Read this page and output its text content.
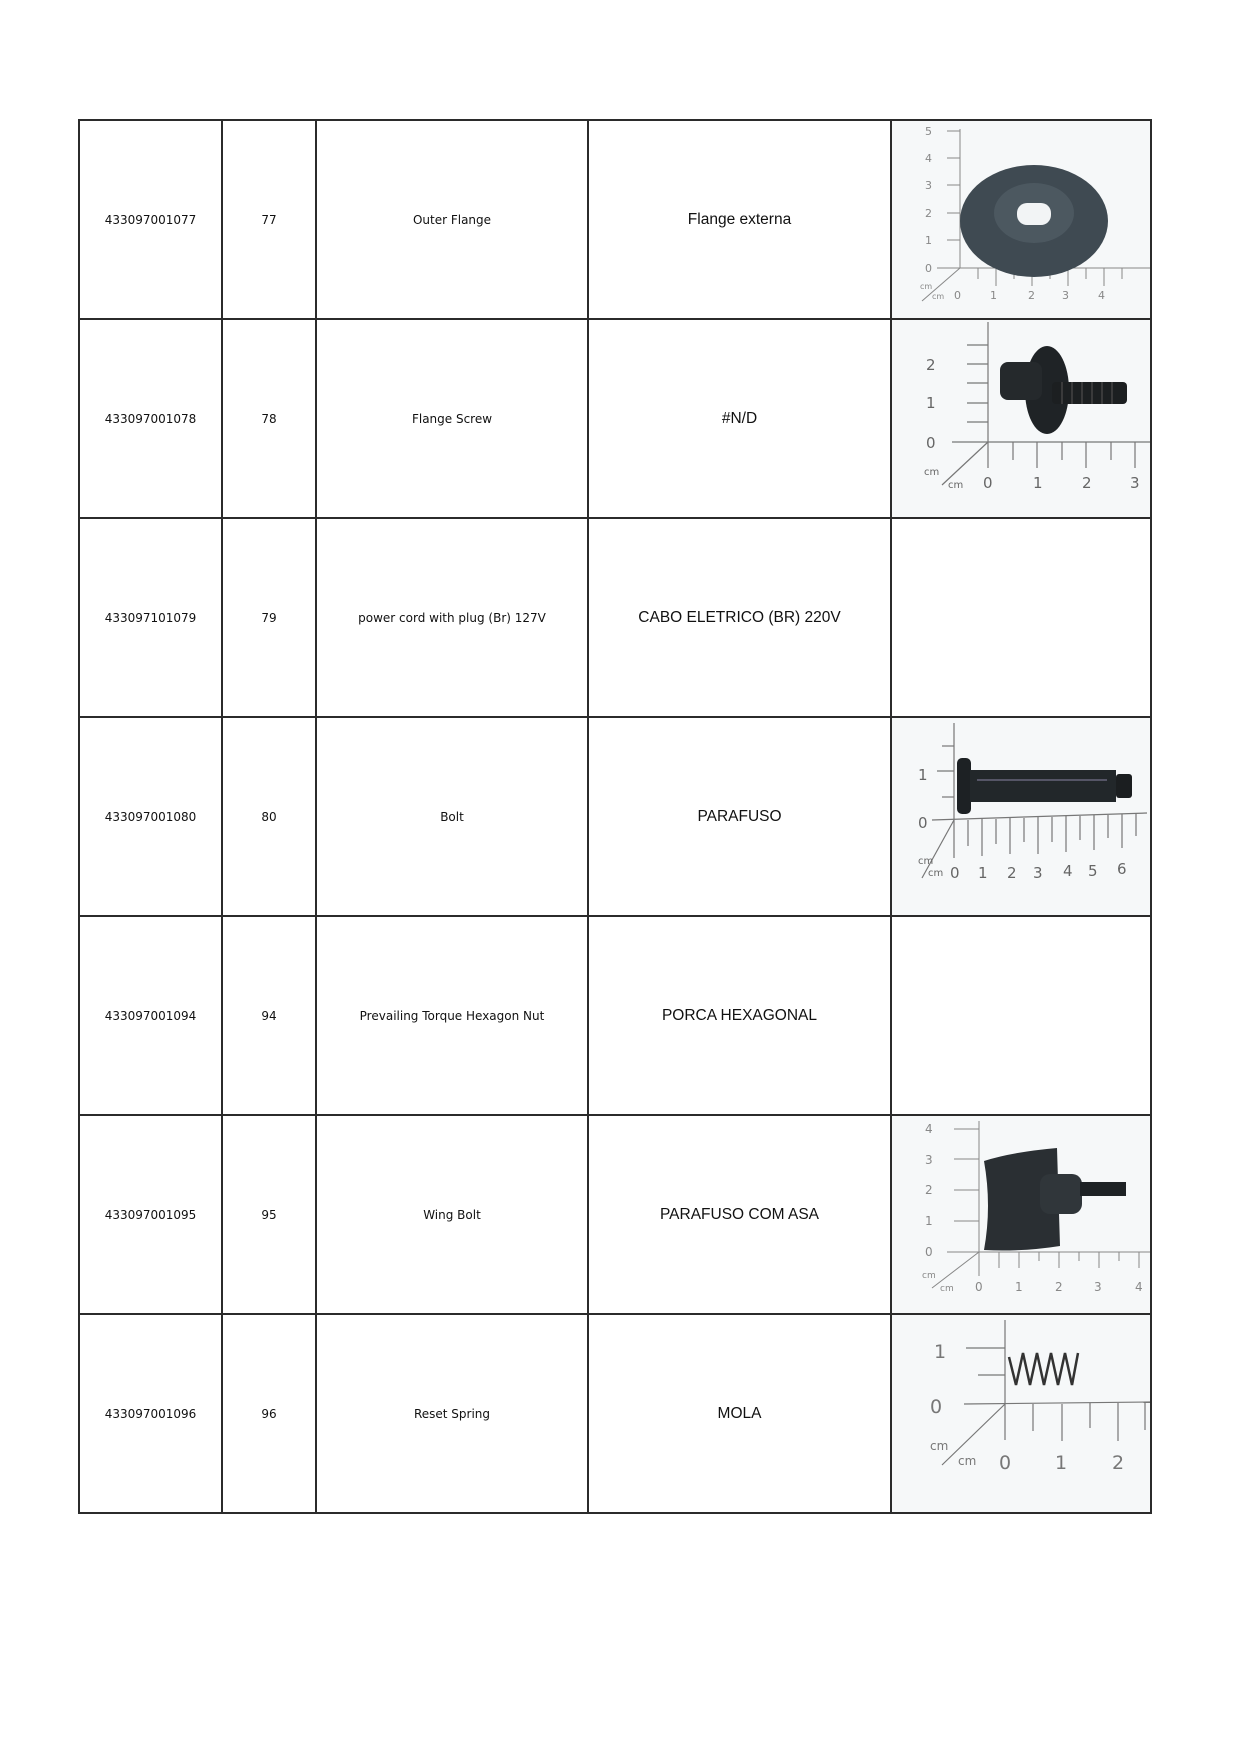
433097001077	77	Outer Flange	Flange externa	
5
4
3
2
1
0
0	1	2 3	4
cm
cm

433097001078	78	Flange Screw	#N/D	
2
1
0
0	1	2	3
cm
cm

433097101079	79	power cord with plug (Br) 127V	CABO ELETRICO (BR) 220V	

433097001080	80	Bolt	PARAFUSO	
1
0
0 1 2 3 4 5 6
cm
cm

433097001094	94	Prevailing Torque Hexagon Nut	PORCA HEXAGONAL	

433097001095	95	Wing Bolt	PARAFUSO COM ASA	
4
3
2
1
0
0	1	2	3	4
cm
cm

433097001096	96	Reset Spring	MOLA	
1
0
0 1 2
cm
cm
